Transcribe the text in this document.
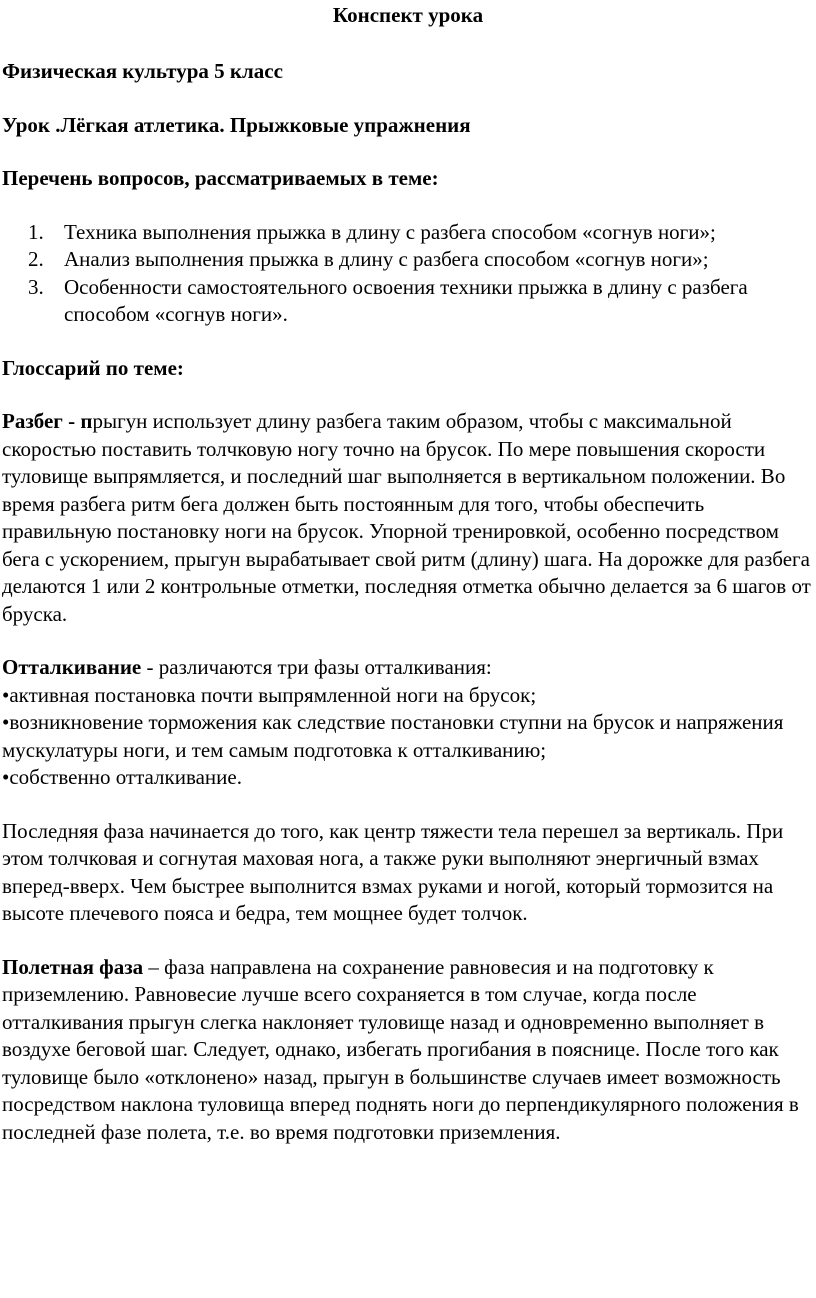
Конспект урока
Физическая культура 5 класс
Урок .Лёгкая атлетика. Прыжковые упражнения
Перечень вопросов, рассматриваемых в теме:
1. Техника выполнения прыжка в длину с разбега способом «согнув ноги»;
2. Анализ выполнения прыжка в длину с разбега способом «согнув ноги»;
3. Особенности самостоятельного освоения техники прыжка в длину с разбега способом «согнув ноги».
Глоссарий по теме:

Разбег - прыгун использует длину разбега таким образом, чтобы с максимальной скоростью поставить толчковую ногу точно на брусок. По мере повышения скорости туловище выпрямляется, и последний шаг выполняется в вертикальном положении. Во время разбега ритм бега должен быть постоянным для того, чтобы обеспечить правильную постановку ноги на брусок. Упорной тренировкой, особенно посредством бега с ускорением, прыгун вырабатывает свой ритм (длину) шага. На дорожке для разбега делаются 1 или 2 контрольные отметки, последняя отметка обычно делается за 6 шагов от бруска.

Отталкивание - различаются три фазы отталкивания:

•активная постановка почти выпрямленной ноги на брусок;
•возникновение торможения как следствие постановки ступни на брусок и напряжения мускулатуры ноги, и тем самым подготовка к отталкиванию;
•собственно отталкивание.

Последняя фаза начинается до того, как центр тяжести тела перешел за вертикаль. При этом толчковая и согнутая маховая нога, а также руки выполняют энергичный взмах вперед-вверх. Чем быстрее выполнится взмах руками и ногой, который тормозится на высоте плечевого пояса и бедра, тем мощнее будет толчок.

Полетная фаза – фаза направлена на сохранение равновесия и на подготовку к приземлению. Равновесие лучше всего сохраняется в том случае, когда после отталкивания прыгун слегка наклоняет туловище назад и одновременно выполняет в воздухе беговой шаг. Следует, однако, избегать прогибания в пояснице. После того как туловище было «отклонено» назад, прыгун в большинстве случаев имеет возможность посредством наклона туловища вперед поднять ноги до перпендикулярного положения в последней фазе полета, т.е. во время подготовки приземления.
